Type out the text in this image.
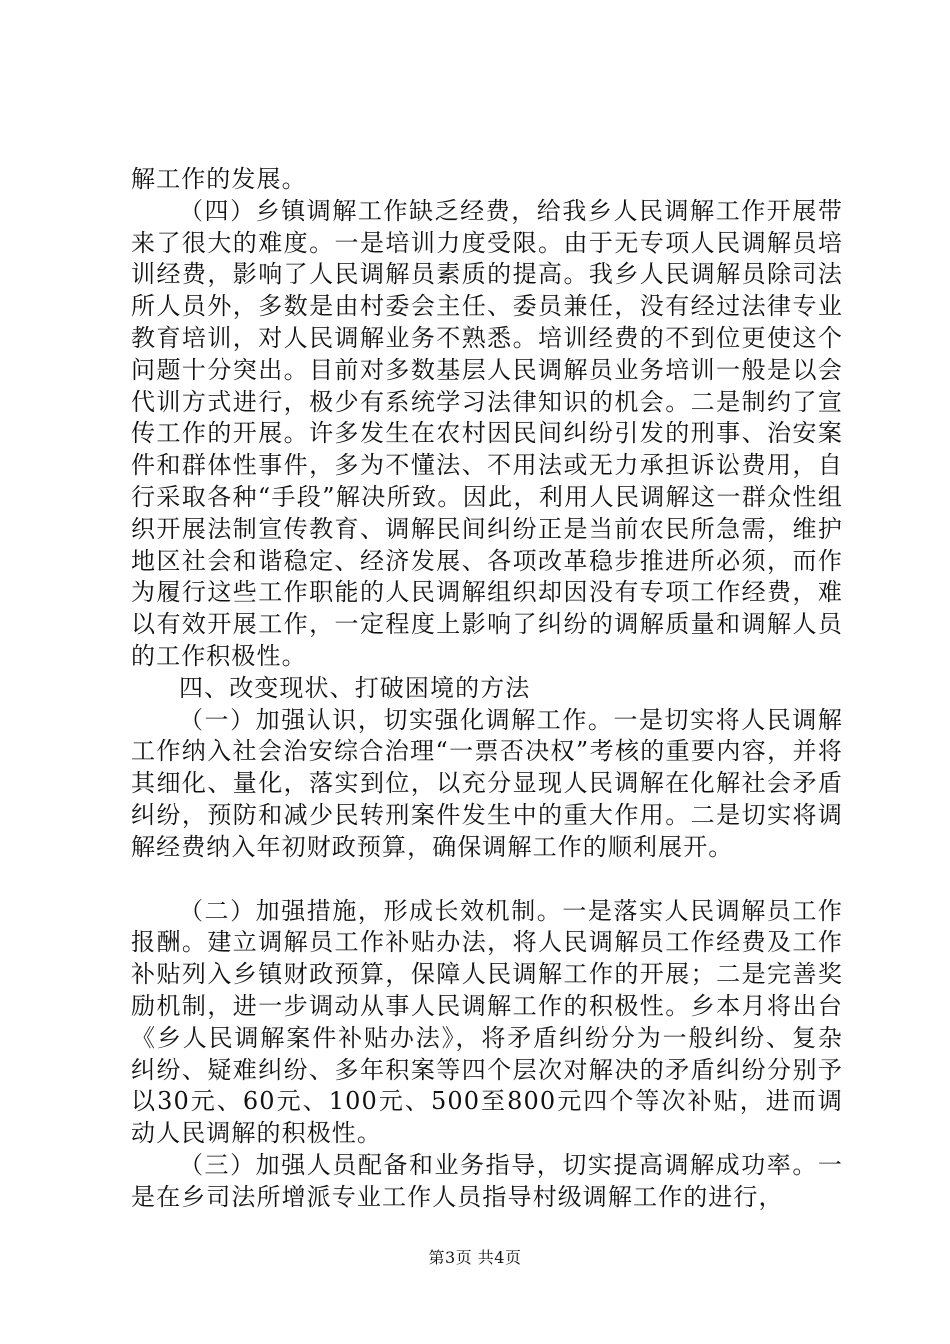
解工作的发展。

（四）乡镇调解工作缺乏经费，给我乡人民调解工作开展带来了很大的难度。一是培训力度受限。由于无专项人民调解员培训经费，影响了人民调解员素质的提高。我乡人民调解员除司法所人员外，多数是由村委会主任、委员兼任，没有经过法律专业教育培训，对人民调解业务不熟悉。培训经费的不到位更使这个问题十分突出。目前对多数基层人民调解员业务培训一般是以会代训方式进行，极少有系统学习法律知识的机会。二是制约了宣传工作的开展。许多发生在农村因民间纠纷引发的刑事、治安案件和群体性事件，多为不懂法、不用法或无力承担诉讼费用，自行采取各种“手段”解决所致。因此，利用人民调解这一群众性组织开展法制宣传教育、调解民间纠纷正是当前农民所急需，维护地区社会和谐稳定、经济发展、各项改革稳步推进所必须，而作为履行这些工作职能的人民调解组织却因没有专项工作经费，难以有效开展工作，一定程度上影响了纠纷的调解质量和调解人员的工作积极性。

四、改变现状、打破困境的方法

（一）加强认识，切实强化调解工作。一是切实将人民调解工作纳入社会治安综合治理“一票否决权”考核的重要内容，并将其细化、量化，落实到位，以充分显现人民调解在化解社会矛盾纠纷，预防和减少民转刑案件发生中的重大作用。二是切实将调解经费纳入年初财政预算，确保调解工作的顺利展开。

（二）加强措施，形成长效机制。一是落实人民调解员工作报酬。建立调解员工作补贴办法，将人民调解员工作经费及工作补贴列入乡镇财政预算，保障人民调解工作的开展；二是完善奖励机制，进一步调动从事人民调解工作的积极性。乡本月将出台《乡人民调解案件补贴办法》，将矛盾纠纷分为一般纠纷、复杂纠纷、疑难纠纷、多年积案等四个层次对解决的矛盾纠纷分别予以30元、60元、100元、500至800元四个等次补贴，进而调动人民调解的积极性。

（三）加强人员配备和业务指导，切实提高调解成功率。一是在乡司法所增派专业工作人员指导村级调解工作的进行，

第3页 共4页
